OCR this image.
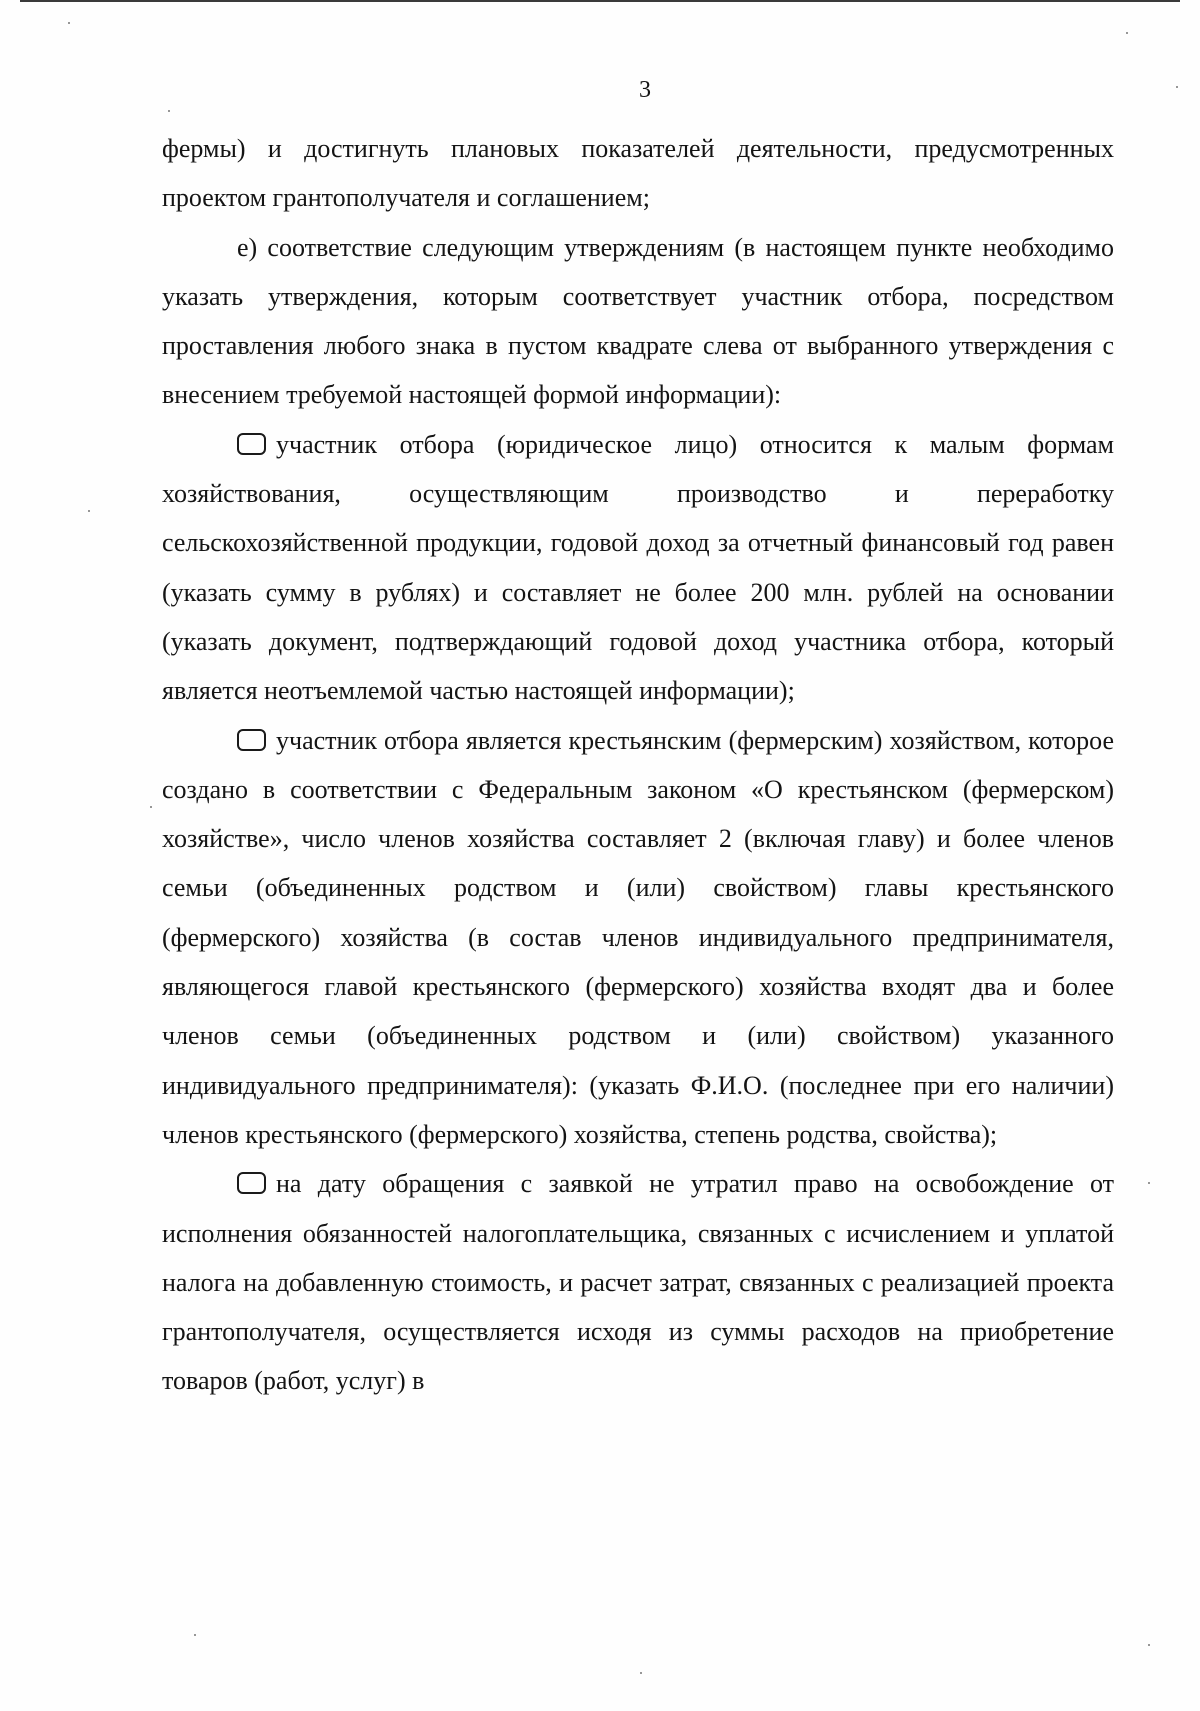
3

фермы) и достигнуть плановых показателей деятельности, предусмотренных проектом грантополучателя и соглашением;

е) соответствие следующим утверждениям (в настоящем пункте необходимо указать утверждения, которым соответствует участник отбора, посредством проставления любого знака в пустом квадрате слева от выбранного утверждения с внесением требуемой настоящей формой информации):

участник отбора (юридическое лицо) относится к малым формам хозяйствования, осуществляющим производство и переработку сельскохозяйственной продукции, годовой доход за отчетный финансовый год равен (указать сумму в рублях) и составляет не более 200 млн. рублей на основании (указать документ, подтверждающий годовой доход участника отбора, который является неотъемлемой частью настоящей информации);

участник отбора является крестьянским (фермерским) хозяйством, которое создано в соответствии с Федеральным законом «О крестьянском (фермерском) хозяйстве», число членов хозяйства составляет 2 (включая главу) и более членов семьи (объединенных родством и (или) свойством) главы крестьянского (фермерского) хозяйства (в состав членов индивидуального предпринимателя, являющегося главой крестьянского (фермерского) хозяйства входят два и более членов семьи (объединенных родством и (или) свойством) указанного индивидуального предпринимателя): (указать Ф.И.О. (последнее при его наличии) членов крестьянского (фермерского) хозяйства, степень родства, свойства);

на дату обращения с заявкой не утратил право на освобождение от исполнения обязанностей налогоплательщика, связанных с исчислением и уплатой налога на добавленную стоимость, и расчет затрат, связанных с реализацией проекта грантополучателя, осуществляется исходя из суммы расходов на приобретение товаров (работ, услуг) в
